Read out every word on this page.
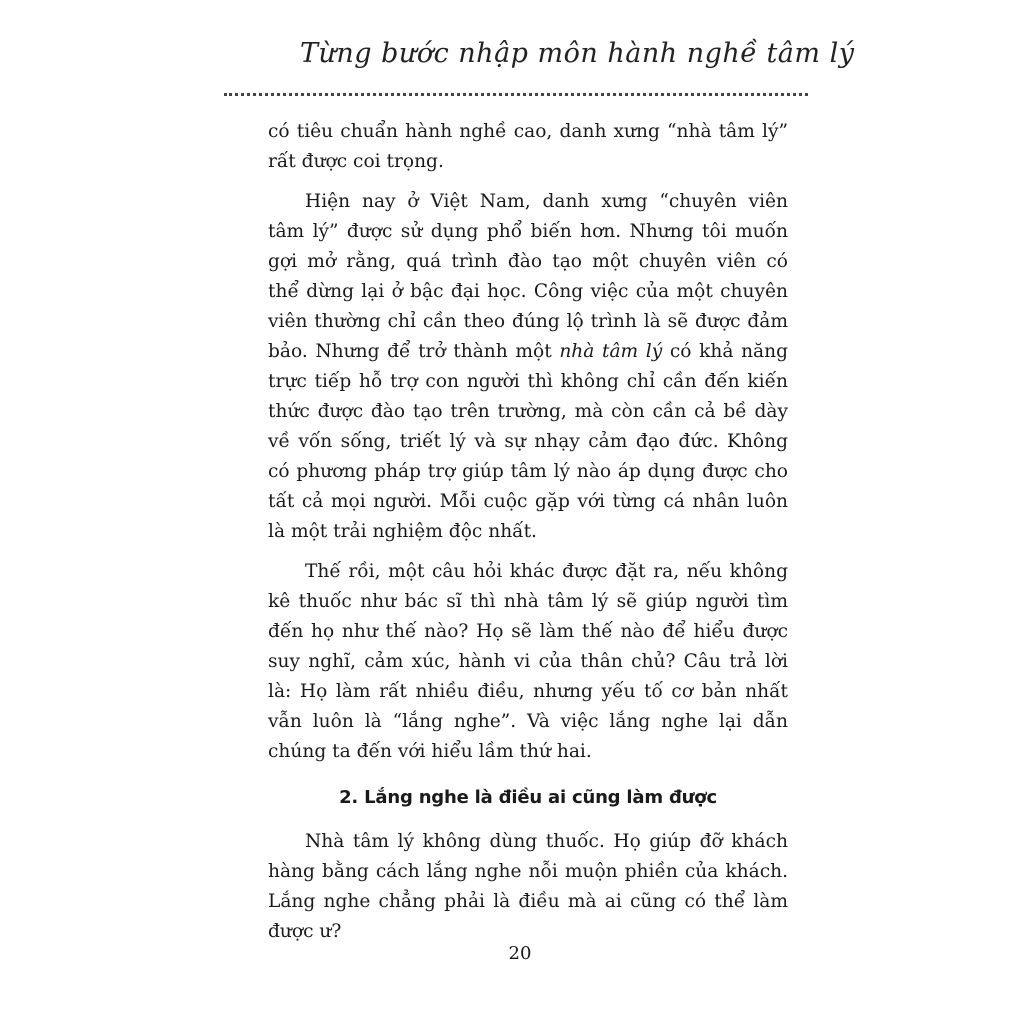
Từng bước nhập môn hành nghề tâm lý
có tiêu chuẩn hành nghề cao, danh xưng “nhà tâm lý”
rất được coi trọng.
Hiện nay ở Việt Nam, danh xưng “chuyên viên
tâm lý” được sử dụng phổ biến hơn. Nhưng tôi muốn
gợi mở rằng, quá trình đào tạo một chuyên viên có
thể dừng lại ở bậc đại học. Công việc của một chuyên
viên thường chỉ cần theo đúng lộ trình là sẽ được đảm
bảo. Nhưng để trở thành một nhà tâm lý có khả năng
trực tiếp hỗ trợ con người thì không chỉ cần đến kiến
thức được đào tạo trên trường, mà còn cần cả bề dày
về vốn sống, triết lý và sự nhạy cảm đạo đức. Không
có phương pháp trợ giúp tâm lý nào áp dụng được cho
tất cả mọi người. Mỗi cuộc gặp với từng cá nhân luôn
là một trải nghiệm độc nhất.
Thế rồi, một câu hỏi khác được đặt ra, nếu không
kê thuốc như bác sĩ thì nhà tâm lý sẽ giúp người tìm
đến họ như thế nào? Họ sẽ làm thế nào để hiểu được
suy nghĩ, cảm xúc, hành vi của thân chủ? Câu trả lời
là: Họ làm rất nhiều điều, nhưng yếu tố cơ bản nhất
vẫn luôn là “lắng nghe”. Và việc lắng nghe lại dẫn
chúng ta đến với hiểu lầm thứ hai.
2. Lắng nghe là điều ai cũng làm được
Nhà tâm lý không dùng thuốc. Họ giúp đỡ khách
hàng bằng cách lắng nghe nỗi muộn phiền của khách.
Lắng nghe chẳng phải là điều mà ai cũng có thể làm
được ư?
20
